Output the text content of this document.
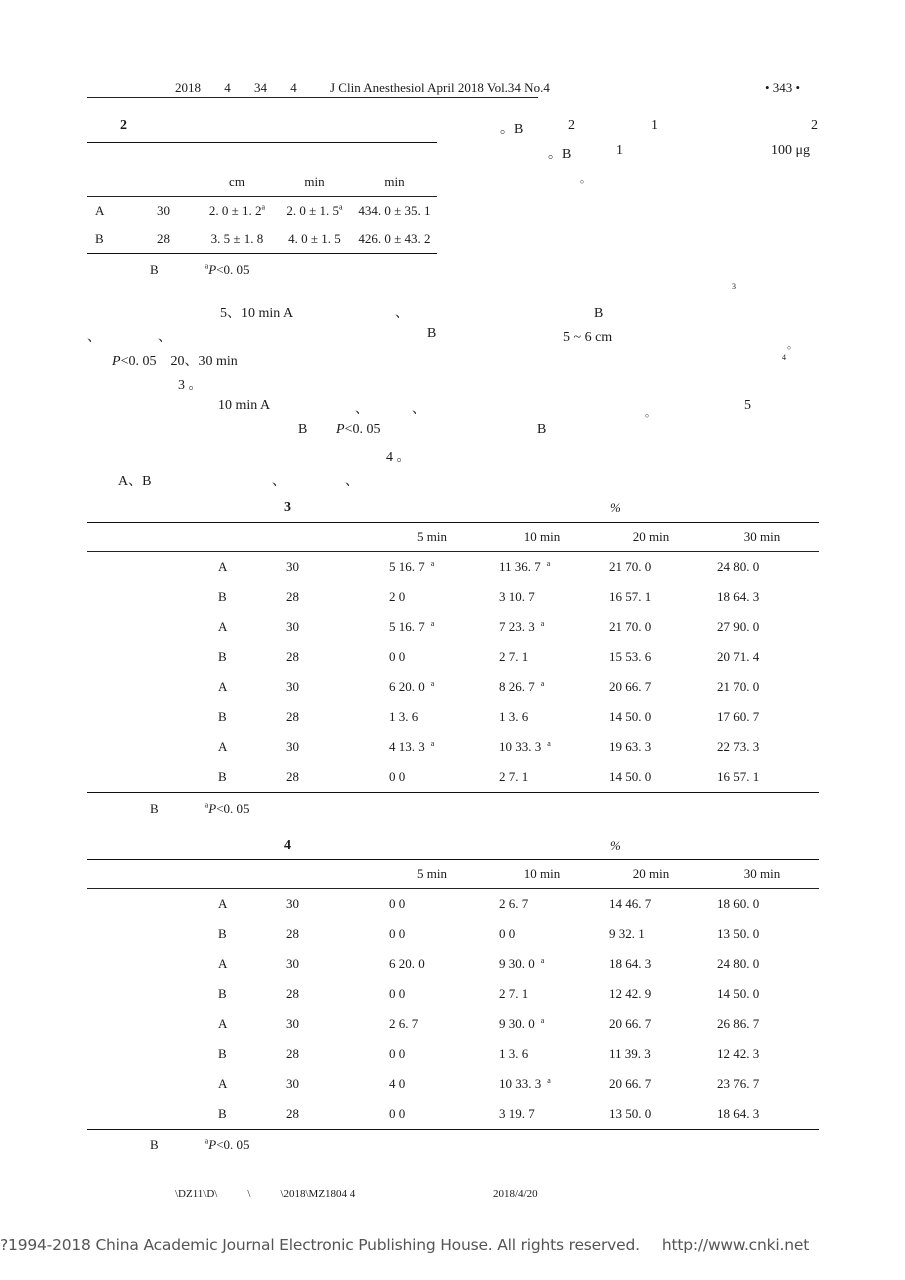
2018 4 34 4	J Clin Anesthesiol April 2018 Vol.34 No.4	• 343 •
2
		cm	min	min
A	30	2. 0 ± 1. 2$^a$	2. 0 ± 1. 5$^a$	434. 0 ± 35. 1
B	28	3. 5 ± 1. 8	4. 0 ± 1. 5	426. 0 ± 43. 2
B	$^a$P<0. 05
5、10 min A	、
、	、	B
P<0. 05 20、30 min
3 。
10 min A	、	、
B P<0. 05
4 。
A、B	、	、
。B	2	1	2
。B	1	100 μg
。
3
B
5 ~ 6 cm	。
4
。	5
B
3	%
			5 min	10 min	20 min	30 min
	A	30	5 16. 7 $^a$	11 36. 7 $^a$	21 70. 0	24 80. 0
	B	28	2 0	3 10. 7	16 57. 1	18 64. 3
	A	30	5 16. 7 $^a$	7 23. 3 $^a$	21 70. 0	27 90. 0
	B	28	0 0	2 7. 1	15 53. 6	20 71. 4
	A	30	6 20. 0 $^a$	8 26. 7 $^a$	20 66. 7	21 70. 0
	B	28	1 3. 6	1 3. 6	14 50. 0	17 60. 7
	A	30	4 13. 3 $^a$	10 33. 3 $^a$	19 63. 3	22 73. 3
	B	28	0 0	2 7. 1	14 50. 0	16 57. 1
B	$^a$P<0. 05
4	%
			5 min	10 min	20 min	30 min
	A	30	0 0	2 6. 7	14 46. 7	18 60. 0
	B	28	0 0	0 0	9 32. 1	13 50. 0
	A	30	6 20. 0	9 30. 0 $^a$	18 64. 3	24 80. 0
	B	28	0 0	2 7. 1	12 42. 9	14 50. 0
	A	30	2 6. 7	9 30. 0 $^a$	20 66. 7	26 86. 7
	B	28	0 0	1 3. 6	11 39. 3	12 42. 3
	A	30	4 0	10 33. 3 $^a$	20 66. 7	23 76. 7
	B	28	0 0	3 19. 7	13 50. 0	18 64. 3
B	$^a$P<0. 05
\DZ11\D\	\	\2018\MZ1804 4	2018/4/20
?1994-2018 China Academic Journal Electronic Publishing House. All rights reserved. http://www.cnki.net
